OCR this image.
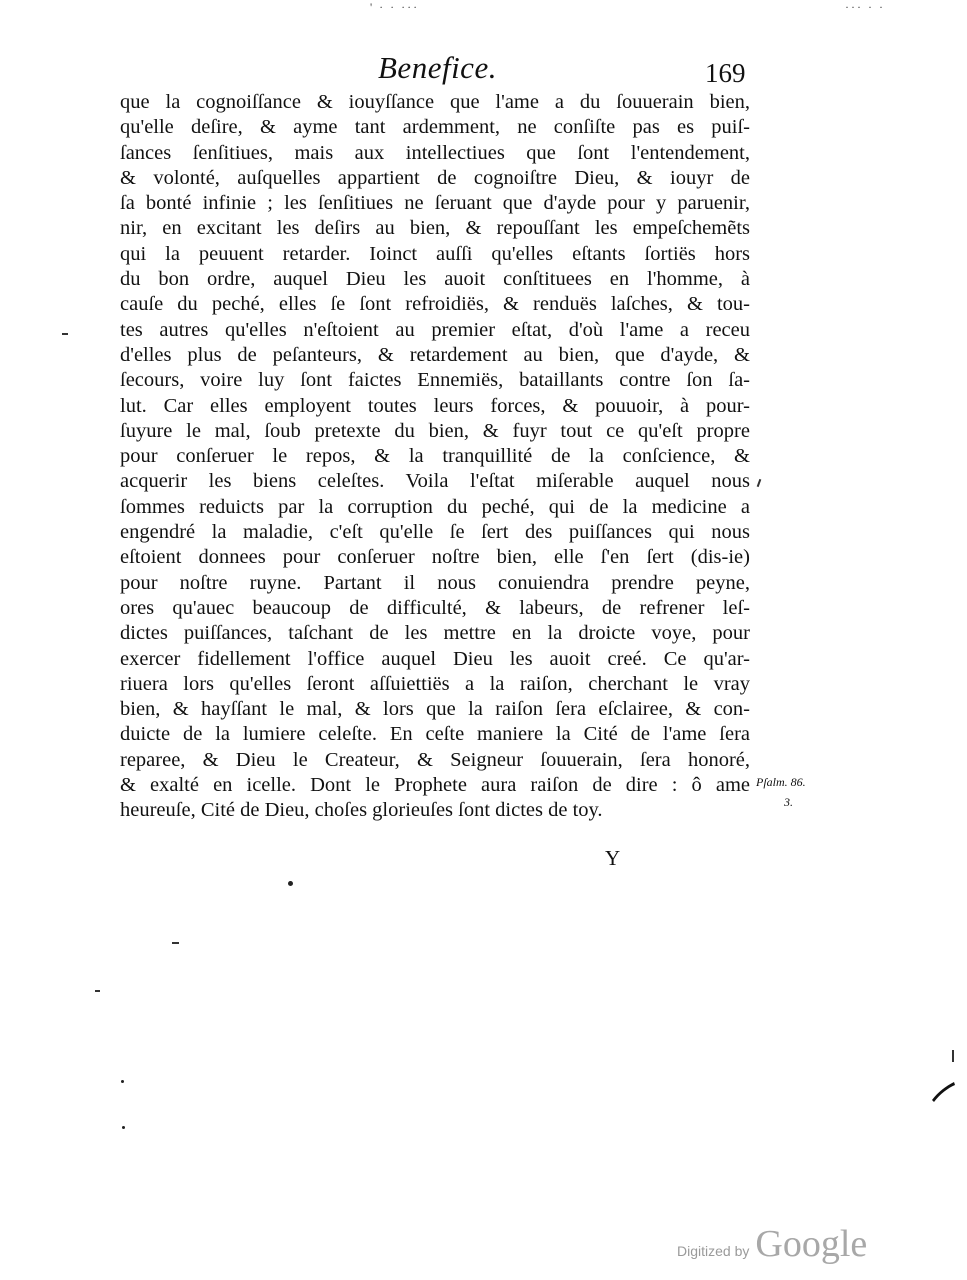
' · · ···	··· · ·
Benefice.	169
que la cognoiſſance & iouyſſance que l'ame a du ſouuerain bien,
qu'elle deſire, & ayme tant ardemment, ne conſiſte pas es puiſ-
ſances ſenſitiues, mais aux intellectiues que ſont l'entendement,
& volonté, auſquelles appartient de cognoiſtre Dieu, & iouyr de
ſa bonté infinie ; les ſenſitiues ne ſeruant que d'ayde pour y paruenir,
nir, en excitant les deſirs au bien, & repouſſant les empeſchemẽts
qui la peuuent retarder. Ioinct auſſi qu'elles eſtants ſortiës hors
du bon ordre, auquel Dieu les auoit conſtituees en l'homme, à
cauſe du peché, elles ſe ſont refroidiës, & renduës laſches, & tou-
tes autres qu'elles n'eſtoient au premier eſtat, d'où l'ame a receu
d'elles plus de peſanteurs, & retardement au bien, que d'ayde, &
ſecours, voire luy ſont faictes Ennemiës, bataillants contre ſon ſa-
lut. Car elles employent toutes leurs forces, & pouuoir, à pour-
ſuyure le mal, ſoub pretexte du bien, & fuyr tout ce qu'eſt propre
pour conſeruer le repos, & la tranquillité de la conſcience, &
acquerir les biens celeſtes. Voila l'eſtat miſerable auquel nous
ſommes reduicts par la corruption du peché, qui de la medicine a
engendré la maladie, c'eſt qu'elle ſe ſert des puiſſances qui nous
eſtoient donnees pour conſeruer noſtre bien, elle ſ'en ſert (dis-ie)
pour noſtre ruyne. Partant il nous conuiendra prendre peyne,
ores qu'auec beaucoup de difficulté, & labeurs, de refrener leſ-
dictes puiſſances, taſchant de les mettre en la droicte voye, pour
exercer fidellement l'office auquel Dieu les auoit creé. Ce qu'ar-
riuera lors qu'elles ſeront aſſuiettiës a la raiſon, cherchant le vray
bien, & hayſſant le mal, & lors que la raiſon ſera eſclairee, & con-
duicte de la lumiere celeſte. En ceſte maniere la Cité de l'ame ſera
reparee, & Dieu le Createur, & Seigneur ſouuerain, ſera honoré,
& exalté en icelle. Dont le Prophete aura raiſon de dire : ô ame
heureuſe, Cité de Dieu, choſes glorieuſes ſont dictes de toy.
Pſalm. 86.
3.
Y
Digitized by Google
